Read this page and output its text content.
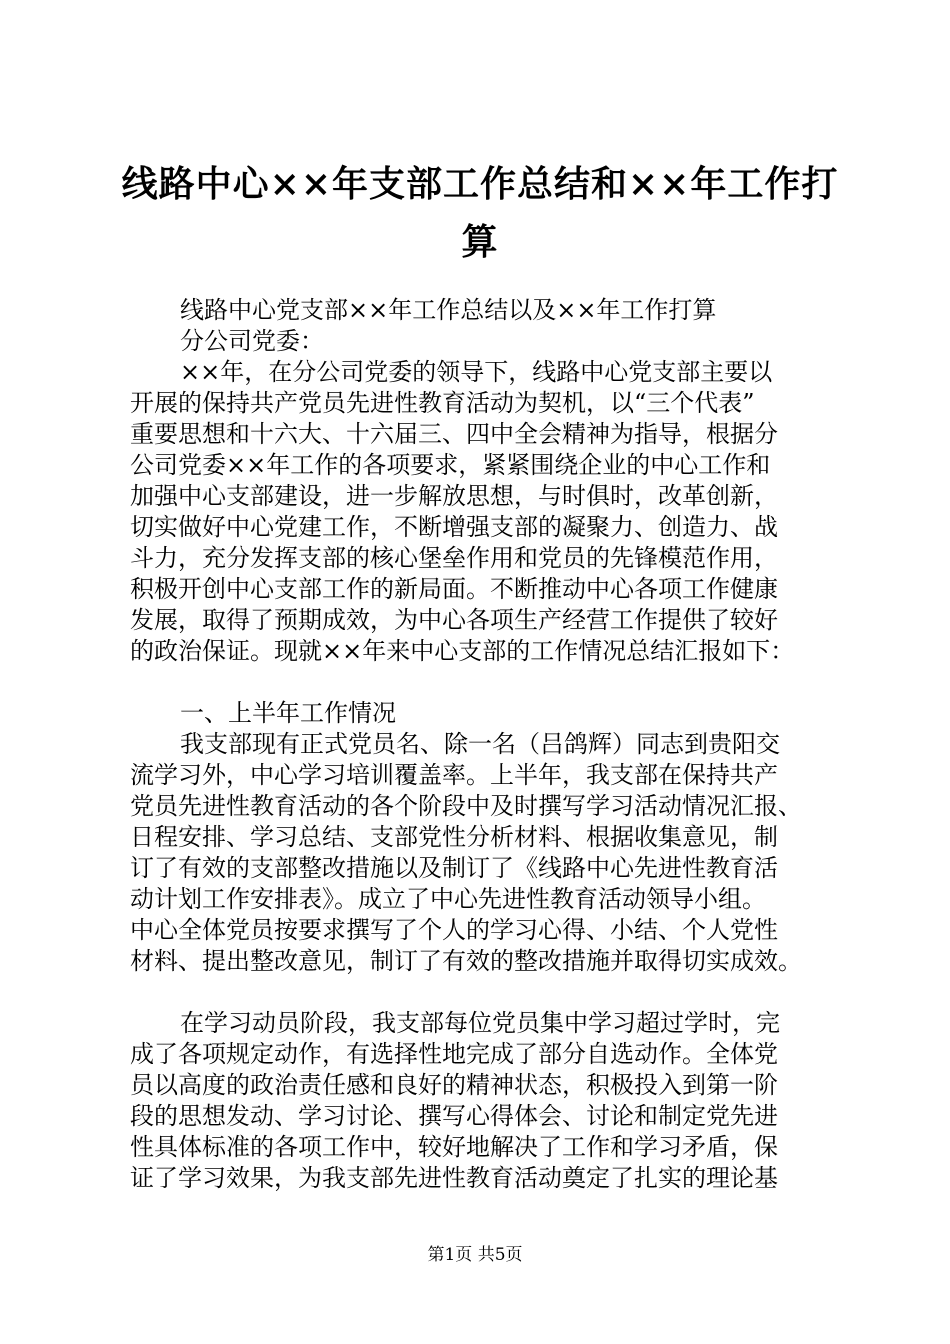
线路中心××年支部工作总结和××年工作打算
线路中心党支部××年工作总结以及××年工作打算
分公司党委：
××年，在分公司党委的领导下，线路中心党支部主要以
开展的保持共产党员先进性教育活动为契机，以“三个代表”
重要思想和十六大、十六届三、四中全会精神为指导，根据分
公司党委××年工作的各项要求，紧紧围绕企业的中心工作和
加强中心支部建设，进一步解放思想，与时俱时，改革创新，
切实做好中心党建工作，不断增强支部的凝聚力、创造力、战
斗力，充分发挥支部的核心堡垒作用和党员的先锋模范作用，
积极开创中心支部工作的新局面。不断推动中心各项工作健康
发展，取得了预期成效，为中心各项生产经营工作提供了较好
的政治保证。现就××年来中心支部的工作情况总结汇报如下：
一、上半年工作情况
我支部现有正式党员名、除一名（吕鸽辉）同志到贵阳交
流学习外，中心学习培训覆盖率。上半年，我支部在保持共产
党员先进性教育活动的各个阶段中及时撰写学习活动情况汇报、
日程安排、学习总结、支部党性分析材料、根据收集意见，制
订了有效的支部整改措施以及制订了《线路中心先进性教育活
动计划工作安排表》。成立了中心先进性教育活动领导小组。
中心全体党员按要求撰写了个人的学习心得、小结、个人党性
材料、提出整改意见，制订了有效的整改措施并取得切实成效。
在学习动员阶段，我支部每位党员集中学习超过学时，完
成了各项规定动作，有选择性地完成了部分自选动作。全体党
员以高度的政治责任感和良好的精神状态，积极投入到第一阶
段的思想发动、学习讨论、撰写心得体会、讨论和制定党先进
性具体标准的各项工作中，较好地解决了工作和学习矛盾，保
证了学习效果，为我支部先进性教育活动奠定了扎实的理论基
第1页 共5页
